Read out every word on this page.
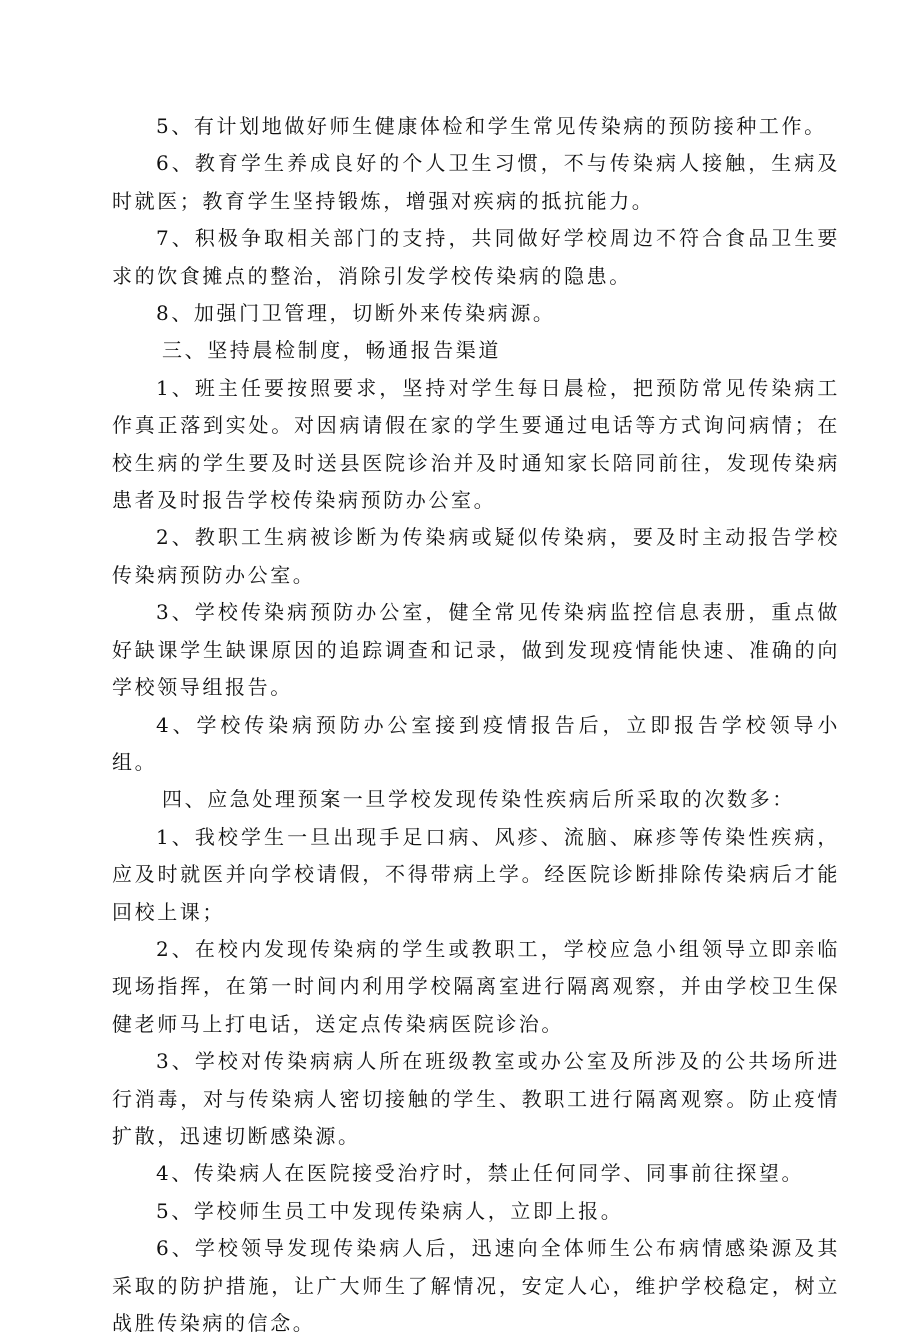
5、有计划地做好师生健康体检和学生常见传染病的预防接种工作。

6、教育学生养成良好的个人卫生习惯，不与传染病人接触，生病及时就医；教育学生坚持锻炼，增强对疾病的抵抗能力。

7、积极争取相关部门的支持，共同做好学校周边不符合食品卫生要求的饮食摊点的整治，消除引发学校传染病的隐患。

8、加强门卫管理，切断外来传染病源。

三、坚持晨检制度，畅通报告渠道

1、班主任要按照要求，坚持对学生每日晨检，把预防常见传染病工作真正落到实处。对因病请假在家的学生要通过电话等方式询问病情；在校生病的学生要及时送县医院诊治并及时通知家长陪同前往，发现传染病患者及时报告学校传染病预防办公室。

2、教职工生病被诊断为传染病或疑似传染病，要及时主动报告学校传染病预防办公室。

3、学校传染病预防办公室，健全常见传染病监控信息表册，重点做好缺课学生缺课原因的追踪调查和记录，做到发现疫情能快速、准确的向学校领导组报告。

4、学校传染病预防办公室接到疫情报告后，立即报告学校领导小组。

四、应急处理预案一旦学校发现传染性疾病后所采取的次数多：

1、我校学生一旦出现手足口病、风疹、流脑、麻疹等传染性疾病，应及时就医并向学校请假，不得带病上学。经医院诊断排除传染病后才能回校上课；

2、在校内发现传染病的学生或教职工，学校应急小组领导立即亲临现场指挥，在第一时间内利用学校隔离室进行隔离观察，并由学校卫生保健老师马上打电话，送定点传染病医院诊治。

3、学校对传染病病人所在班级教室或办公室及所涉及的公共场所进行消毒，对与传染病人密切接触的学生、教职工进行隔离观察。防止疫情扩散，迅速切断感染源。

4、传染病人在医院接受治疗时，禁止任何同学、同事前往探望。

5、学校师生员工中发现传染病人，立即上报。

6、学校领导发现传染病人后，迅速向全体师生公布病情感染源及其采取的防护措施，让广大师生了解情况，安定人心，维护学校稳定，树立战胜传染病的信念。
